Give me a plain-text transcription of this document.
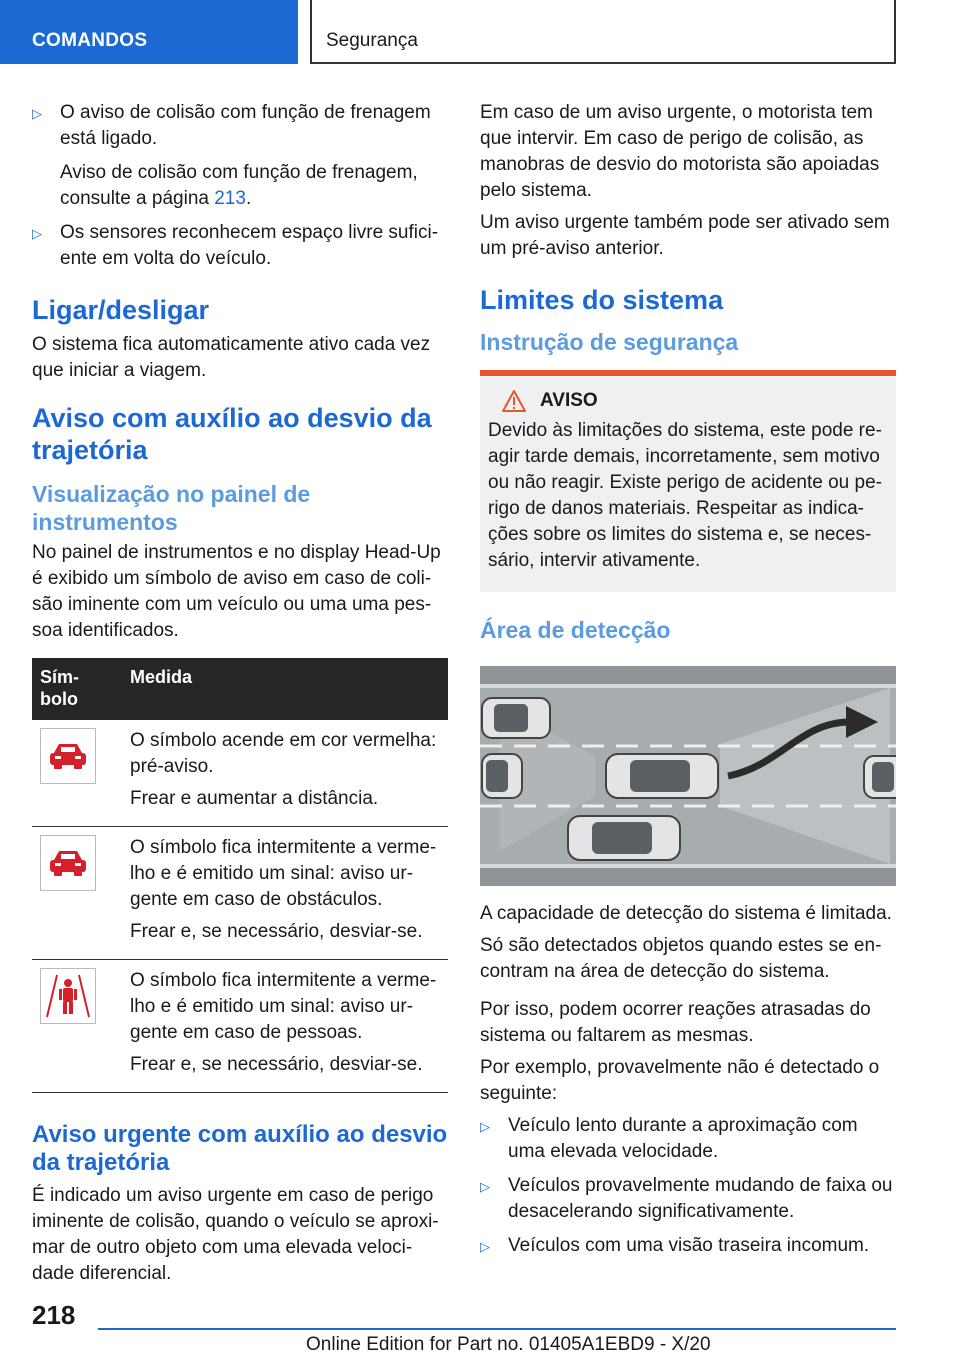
COMANDOS	Segurança
▷ O aviso de colisão com função de frenagem está ligado.
Aviso de colisão com função de frenagem, consulte a página 213.
▷ Os sensores reconhecem espaço livre sufici‐ente em volta do veículo.
Ligar/desligar

O sistema fica automaticamente ativo cada vez que iniciar a viagem.

Aviso com auxílio ao desvio da trajetória
Visualização no painel de instrumentos

No painel de instrumentos e no display Head-Up é exibido um símbolo de aviso em caso de coli‐são iminente com um veículo ou uma uma pes‐soa identificados.

Sím‐bolo	Medida

O símbolo acende em cor vermelha: pré-aviso.

Frear e aumentar a distância.

O símbolo fica intermitente a verme‐lho e é emitido um sinal: aviso ur‐gente em caso de obstáculos.

Frear e, se necessário, desviar-se.

O símbolo fica intermitente a verme‐lho e é emitido um sinal: aviso ur‐gente em caso de pessoas.

Frear e, se necessário, desviar-se.

Aviso urgente com auxílio ao desvio da trajetória

É indicado um aviso urgente em caso de perigo iminente de colisão, quando o veículo se aproxi‐mar de outro objeto com uma elevada veloci‐dade diferencial.

Em caso de um aviso urgente, o motorista tem que intervir. Em caso de perigo de colisão, as manobras de desvio do motorista são apoiadas pelo sistema.

Um aviso urgente também pode ser ativado sem um pré-aviso anterior.

Limites do sistema
Instrução de segurança
AVISO

Devido às limitações do sistema, este pode re‐agir tarde demais, incorretamente, sem motivo ou não reagir. Existe perigo de acidente ou pe‐rigo de danos materiais. Respeitar as indica‐ções sobre os limites do sistema e, se neces‐sário, intervir ativamente.

Área de detecção

A capacidade de detecção do sistema é limitada.

Só são detectados objetos quando estes se en‐contram na área de detecção do sistema.

Por isso, podem ocorrer reações atrasadas do sistema ou faltarem as mesmas.

Por exemplo, provavelmente não é detectado o seguinte:

▷ Veículo lento durante a aproximação com uma elevada velocidade.
▷ Veículos provavelmente mudando de faixa ou desacelerando significativamente.
▷ Veículos com uma visão traseira incomum.
218
Online Edition for Part no. 01405A1EBD9 - X/20
